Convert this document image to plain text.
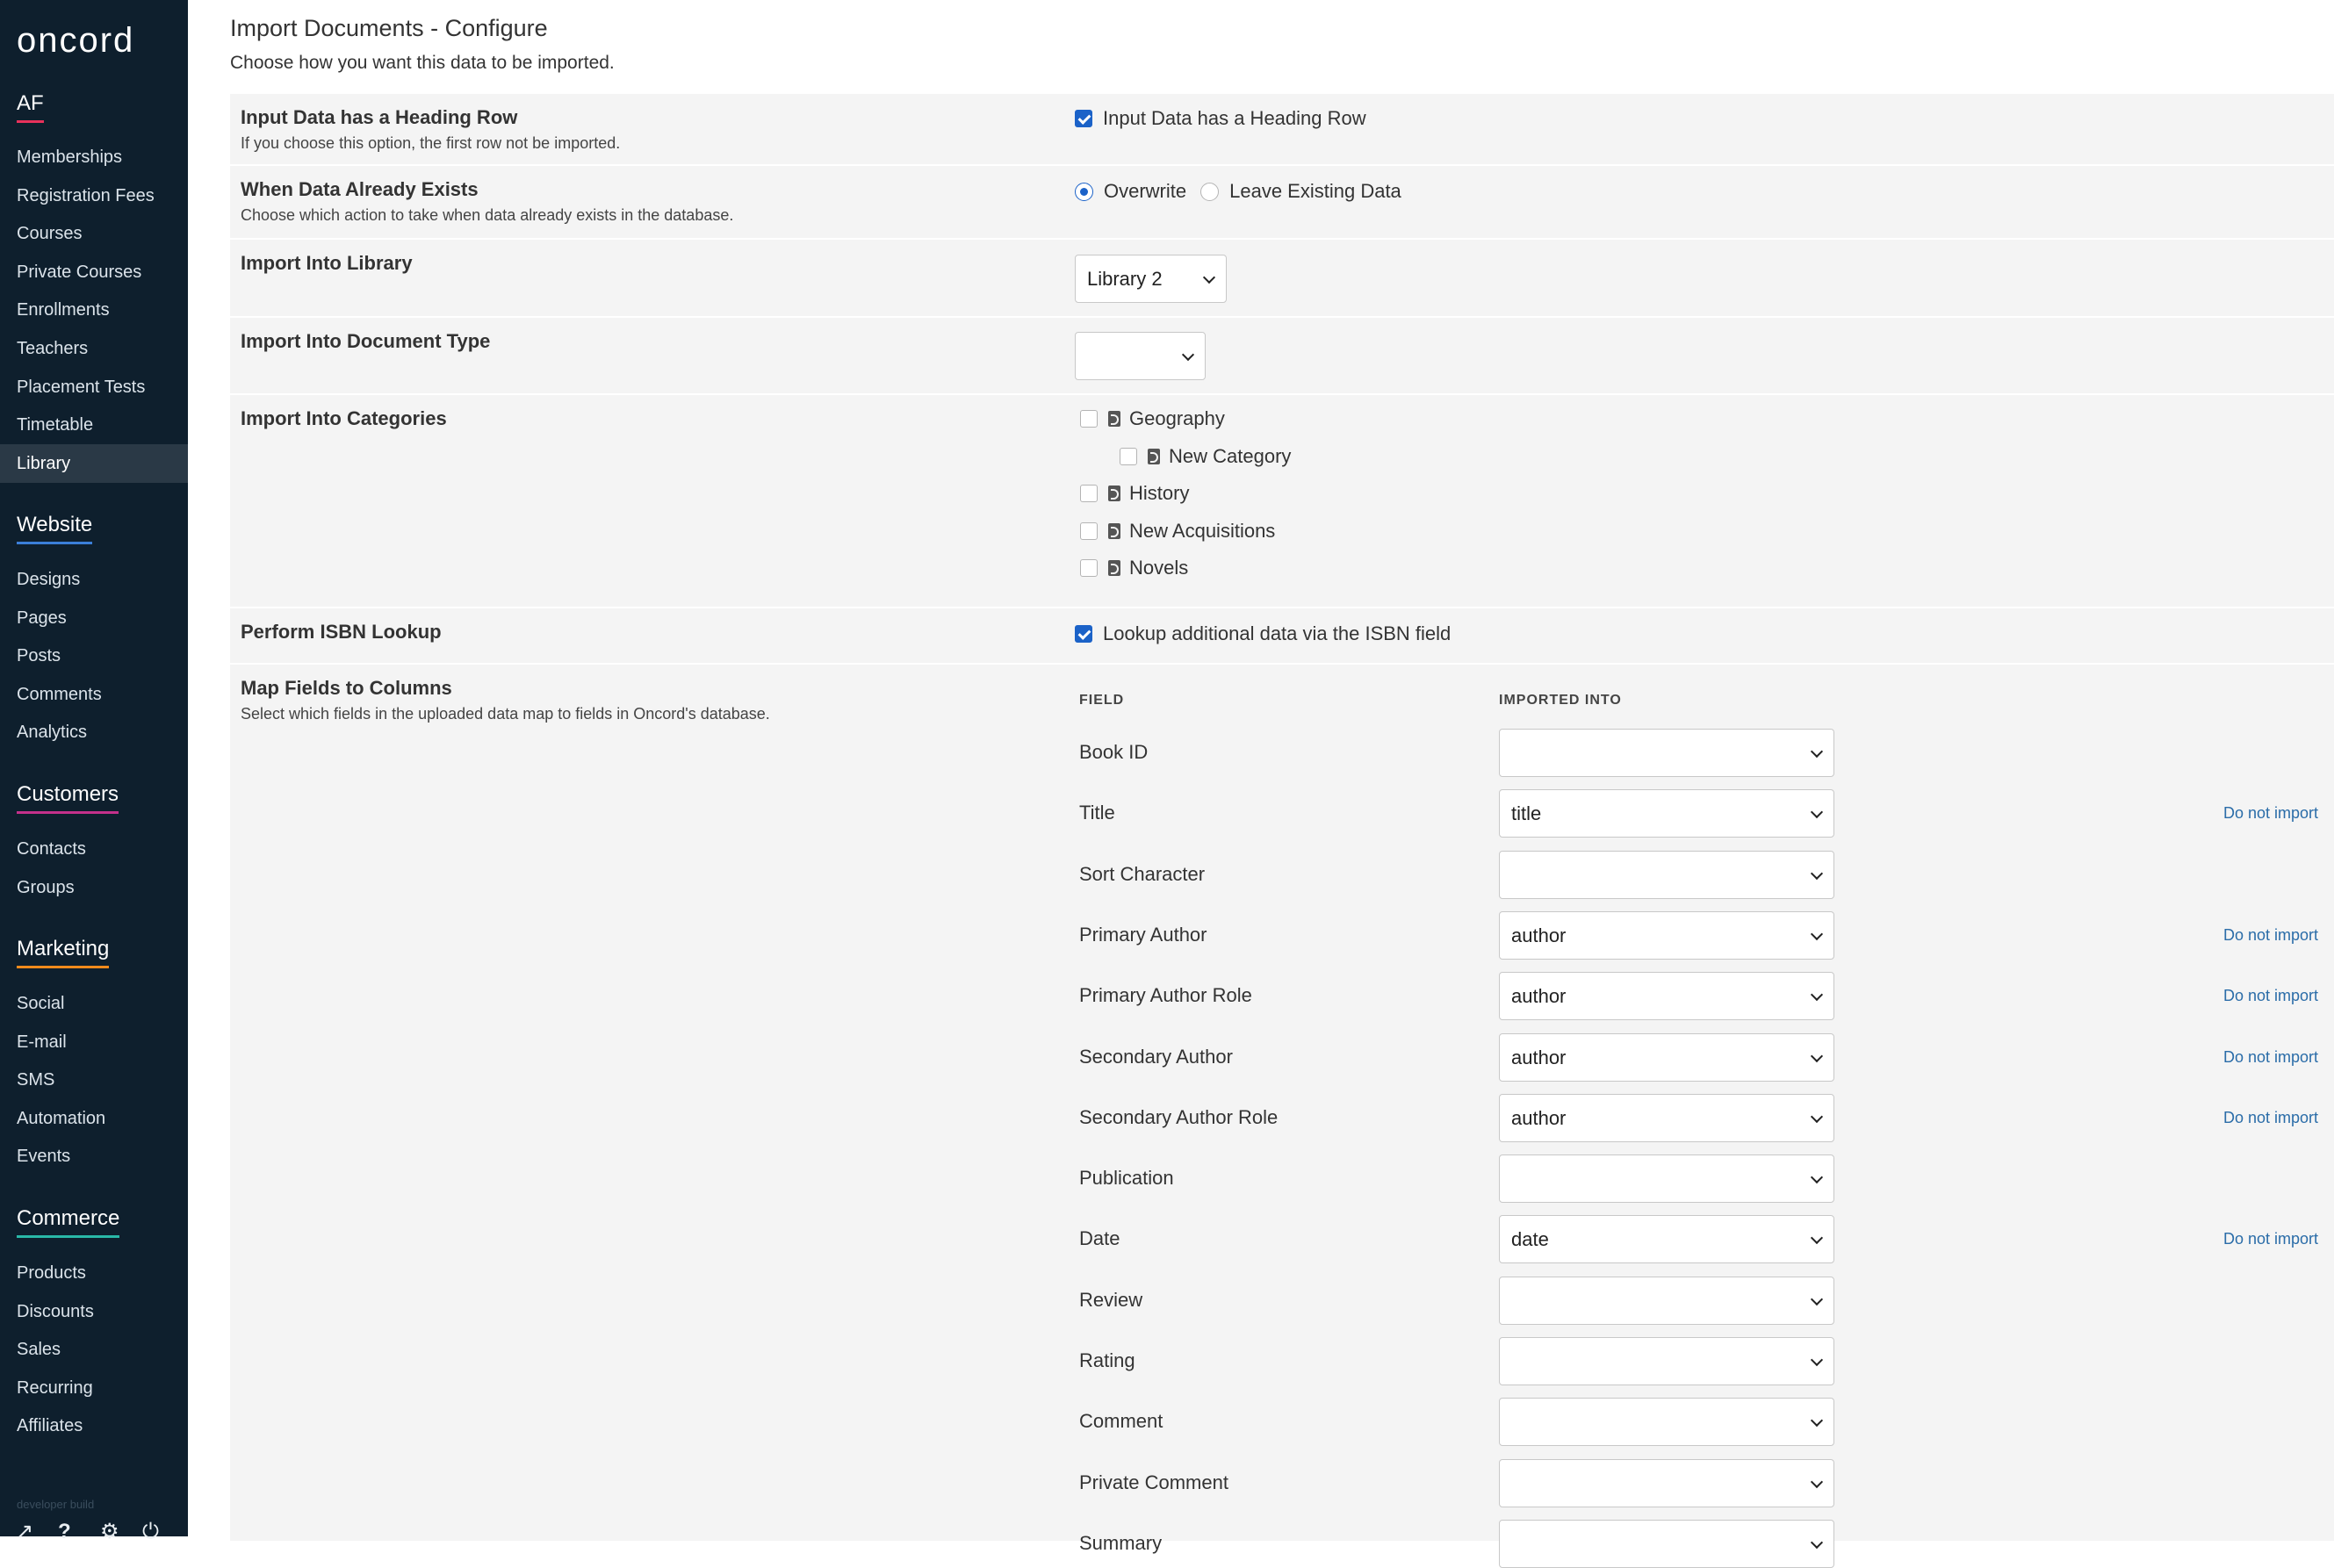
oncord
AF
Memberships
Registration Fees
Courses
Private Courses
Enrollments
Teachers
Placement Tests
Timetable
Library
Website
Designs
Pages
Posts
Comments
Analytics
Customers
Contacts
Groups
Marketing
Social
E-mail
SMS
Automation
Events
Commerce
Products
Discounts
Sales
Recurring
Affiliates
developer build
↗	?	⚙	⏻
Import Documents - Configure
Choose how you want this data to be imported.
Input Data has a Heading Row
If you choose this option, the first row not be imported.
Input Data has a Heading Row
When Data Already Exists
Choose which action to take when data already exists in the database.
Overwrite Leave Existing Data
Import Into Library
Library 2
Import Into Document Type
Import Into Categories	Geography
New Category
History
New Acquisitions
Novels
Perform ISBN Lookup	Lookup additional data via the ISBN field
Map Fields to Columns
Select which fields in the uploaded data map to fields in Oncord's database.
FIELD	IMPORTED INTO
Book ID
Title	title	Do not import
Sort Character
Primary Author	author	Do not import
Primary Author Role	author	Do not import
Secondary Author	author	Do not import
Secondary Author Role	author	Do not import
Publication
Date	date	Do not import
Review
Rating
Comment
Private Comment
Summary
